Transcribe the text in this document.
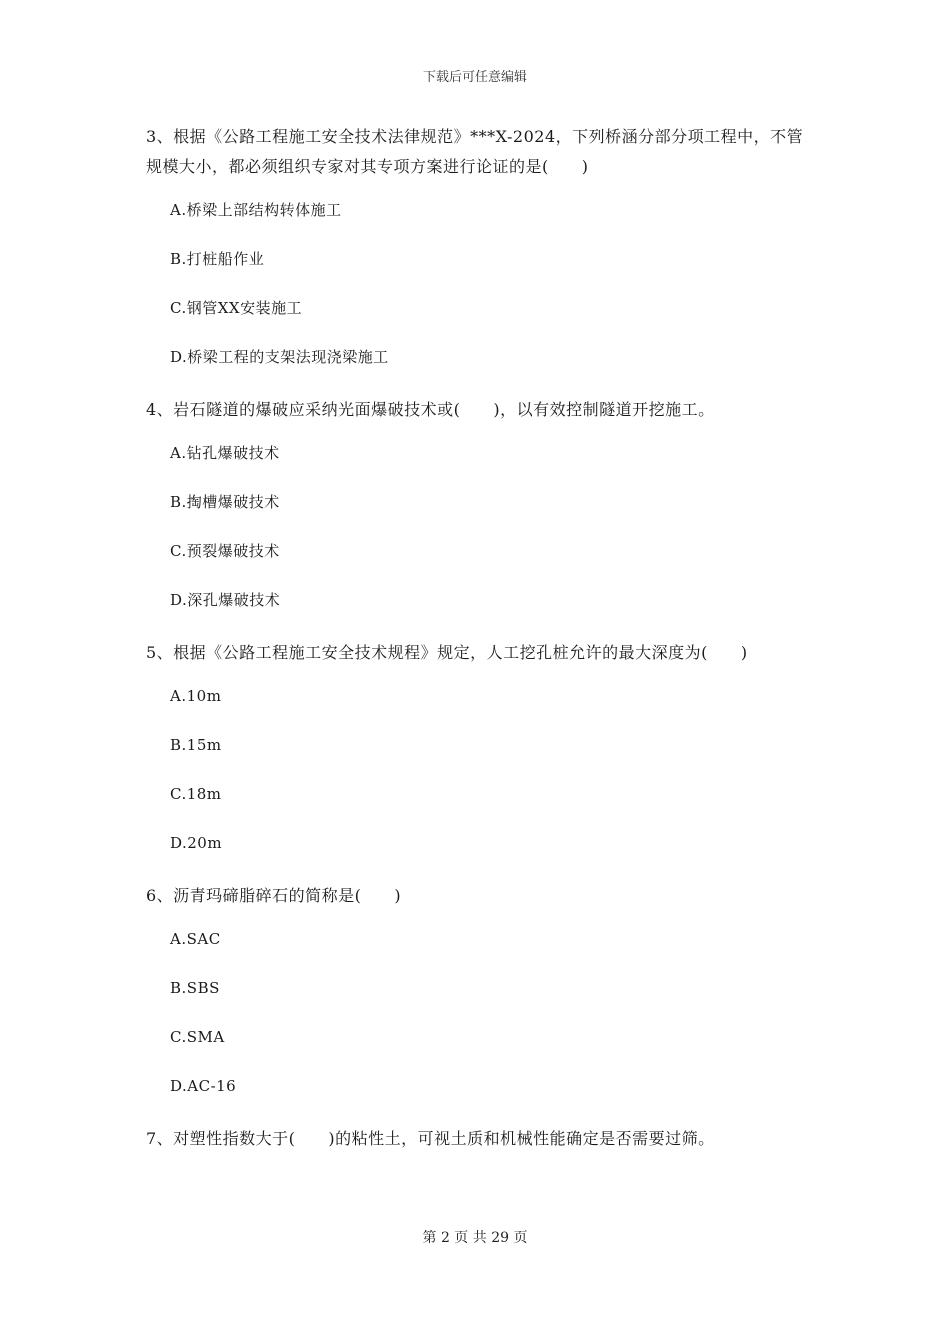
下载后可任意编辑
3、根据《公路工程施工安全技术法律规范》***X-2024，下列桥涵分部分项工程中，不管规模大小，都必须组织专家对其专项方案进行论证的是(　　)
A.桥梁上部结构转体施工
B.打桩船作业
C.钢管XX安装施工
D.桥梁工程的支架法现浇梁施工
4、岩石隧道的爆破应采纳光面爆破技术或(　　)，以有效控制隧道开挖施工。
A.钻孔爆破技术
B.掏槽爆破技术
C.预裂爆破技术
D.深孔爆破技术
5、根据《公路工程施工安全技术规程》规定，人工挖孔桩允许的最大深度为(　　)
A.10m
B.15m
C.18m
D.20m
6、沥青玛碲脂碎石的简称是(　　)
A.SAC
B.SBS
C.SMA
D.AC-16
7、对塑性指数大于(　　)的粘性土，可视土质和机械性能确定是否需要过筛。
第 2 页 共 29 页
